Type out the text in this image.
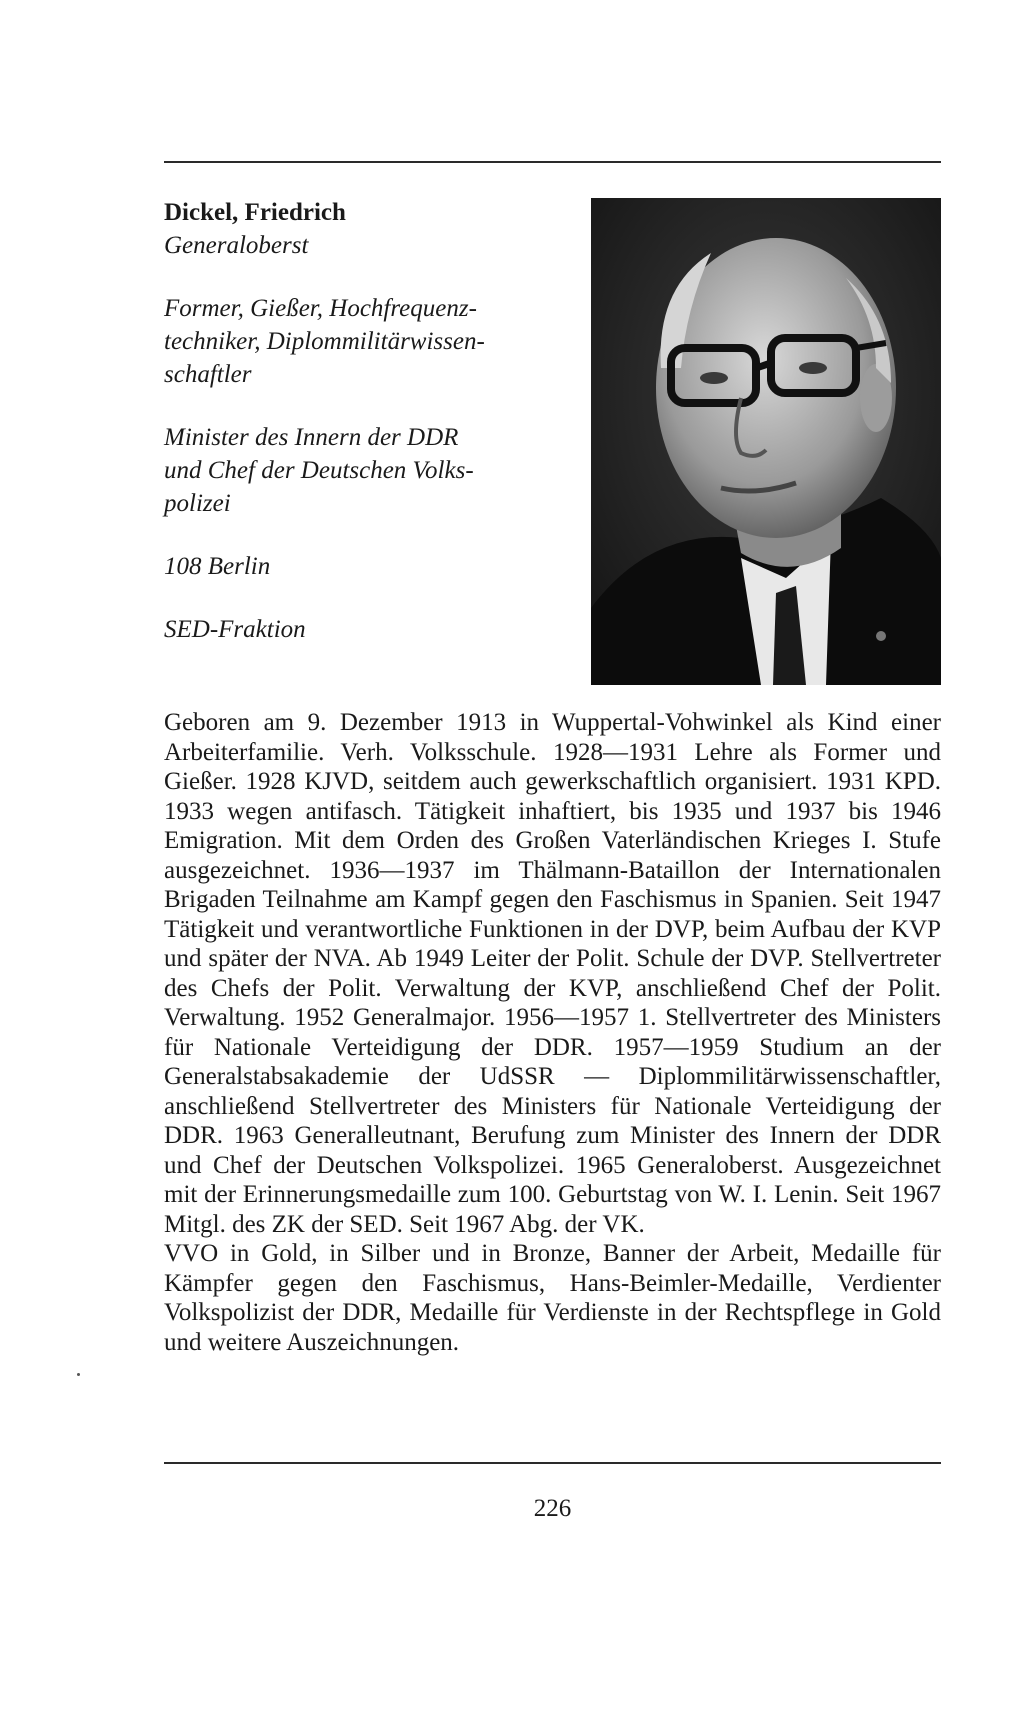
Dickel, Friedrich

Generaloberst

Former, Gießer, Hochfrequenz-
techniker, Diplommilitärwissen-
schaftler

Minister des Innern der DDR
und Chef der Deutschen Volks-
polizei

108 Berlin

SED-Fraktion

Geboren am 9. Dezember 1913 in Wuppertal-Vohwinkel als Kind einer Arbeiterfamilie. Verh. Volksschule. 1928—1931 Lehre als Former und Gießer. 1928 KJVD, seitdem auch gewerkschaftlich organisiert. 1931 KPD. 1933 wegen antifasch. Tätigkeit inhaftiert, bis 1935 und 1937 bis 1946 Emigration. Mit dem Orden des Großen Vaterländischen Krieges I. Stufe ausgezeichnet. 1936—1937 im Thälmann-Bataillon der Internationalen Brigaden Teilnahme am Kampf gegen den Faschismus in Spanien. Seit 1947 Tätigkeit und verantwortliche Funktionen in der DVP, beim Aufbau der KVP und später der NVA. Ab 1949 Leiter der Polit. Schule der DVP. Stellvertreter des Chefs der Polit. Verwaltung der KVP, anschließend Chef der Polit. Verwaltung. 1952 Generalmajor. 1956—1957 1. Stellvertreter des Ministers für Nationale Verteidigung der DDR. 1957—1959 Studium an der Generalstabsakademie der UdSSR — Diplommilitärwissenschaftler, anschließend Stellvertreter des Ministers für Nationale Verteidigung der DDR. 1963 Generalleutnant, Berufung zum Minister des Innern der DDR und Chef der Deutschen Volkspolizei. 1965 Generaloberst. Ausgezeichnet mit der Erinnerungsmedaille zum 100. Geburtstag von W. I. Lenin. Seit 1967 Mitgl. des ZK der SED. Seit 1967 Abg. der VK.

VVO in Gold, in Silber und in Bronze, Banner der Arbeit, Medaille für Kämpfer gegen den Faschismus, Hans-Beimler-Medaille, Verdienter Volkspolizist der DDR, Medaille für Verdienste in der Rechtspflege in Gold und weitere Auszeichnungen.

226
